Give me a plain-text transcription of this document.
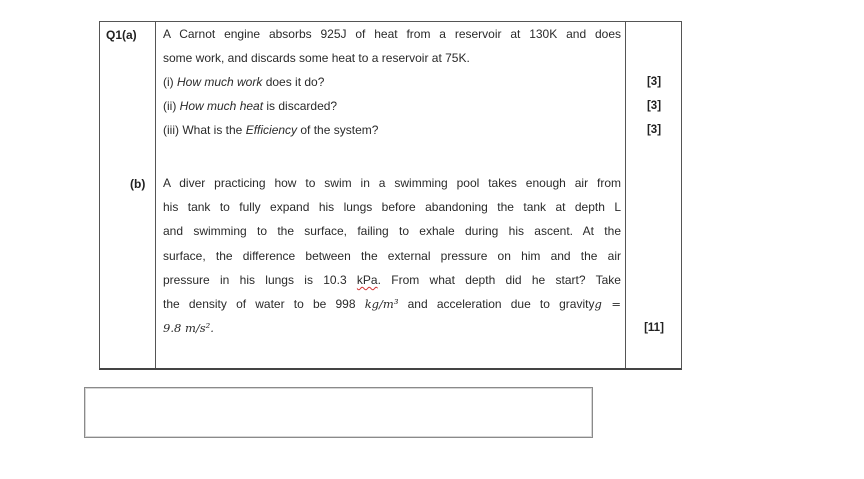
Q1(a) A Carnot engine absorbs 925J of heat from a reservoir at 130K and does
some work, and discards some heat to a reservoir at 75K.
(i) How much work does it do?
(ii) How much heat is discarded?
(iii) What is the Efficiency of the system?
[3]
[3]
[3]
(b) A diver practicing how to swim in a swimming pool takes enough air from
his tank to fully expand his lungs before abandoning the tank at depth L
and swimming to the surface, failing to exhale during his ascent. At the
surface, the difference between the external pressure on him and the air
pressure in his lungs is 10.3 kPa. From what depth did he start? Take
the density of water to be 998 kg/m³ and acceleration due to gravityg =
9.8 m/s².	[11]
